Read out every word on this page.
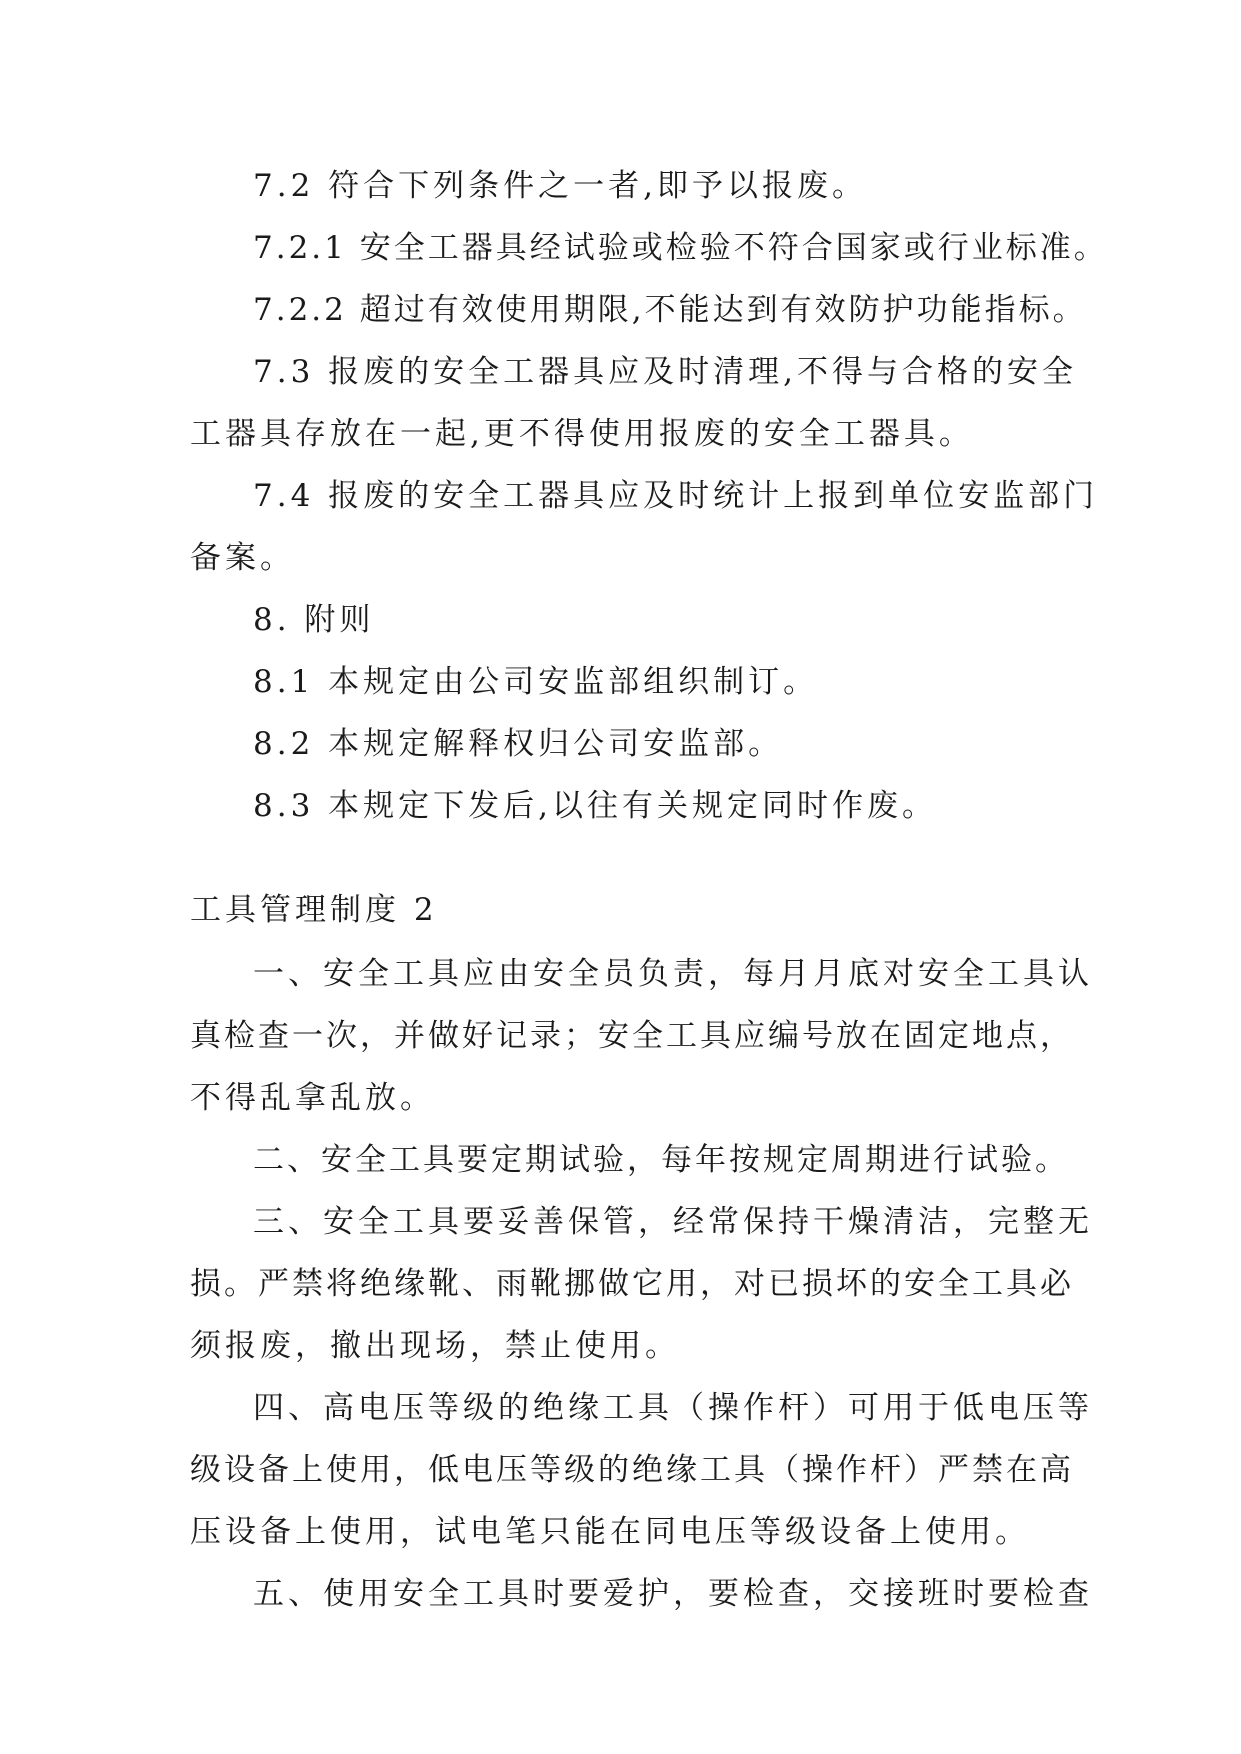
7.2 符合下列条件之一者,即予以报废。
7.2.1 安全工器具经试验或检验不符合国家或行业标准。
7.2.2 超过有效使用期限,不能达到有效防护功能指标。
7.3 报废的安全工器具应及时清理,不得与合格的安全
工器具存放在一起,更不得使用报废的安全工器具。
7.4 报废的安全工器具应及时统计上报到单位安监部门
备案。
8. 附则
8.1 本规定由公司安监部组织制订。
8.2 本规定解释权归公司安监部。
8.3 本规定下发后,以往有关规定同时作废。
工具管理制度 2
一、安全工具应由安全员负责，每月月底对安全工具认
真检查一次，并做好记录；安全工具应编号放在固定地点，
不得乱拿乱放。
二、安全工具要定期试验，每年按规定周期进行试验。
三、安全工具要妥善保管，经常保持干燥清洁，完整无
损。严禁将绝缘靴、雨靴挪做它用，对已损坏的安全工具必
须报废，撤出现场，禁止使用。
四、高电压等级的绝缘工具（操作杆）可用于低电压等
级设备上使用，低电压等级的绝缘工具（操作杆）严禁在高
压设备上使用，试电笔只能在同电压等级设备上使用。
五、使用安全工具时要爱护，要检查，交接班时要检查
